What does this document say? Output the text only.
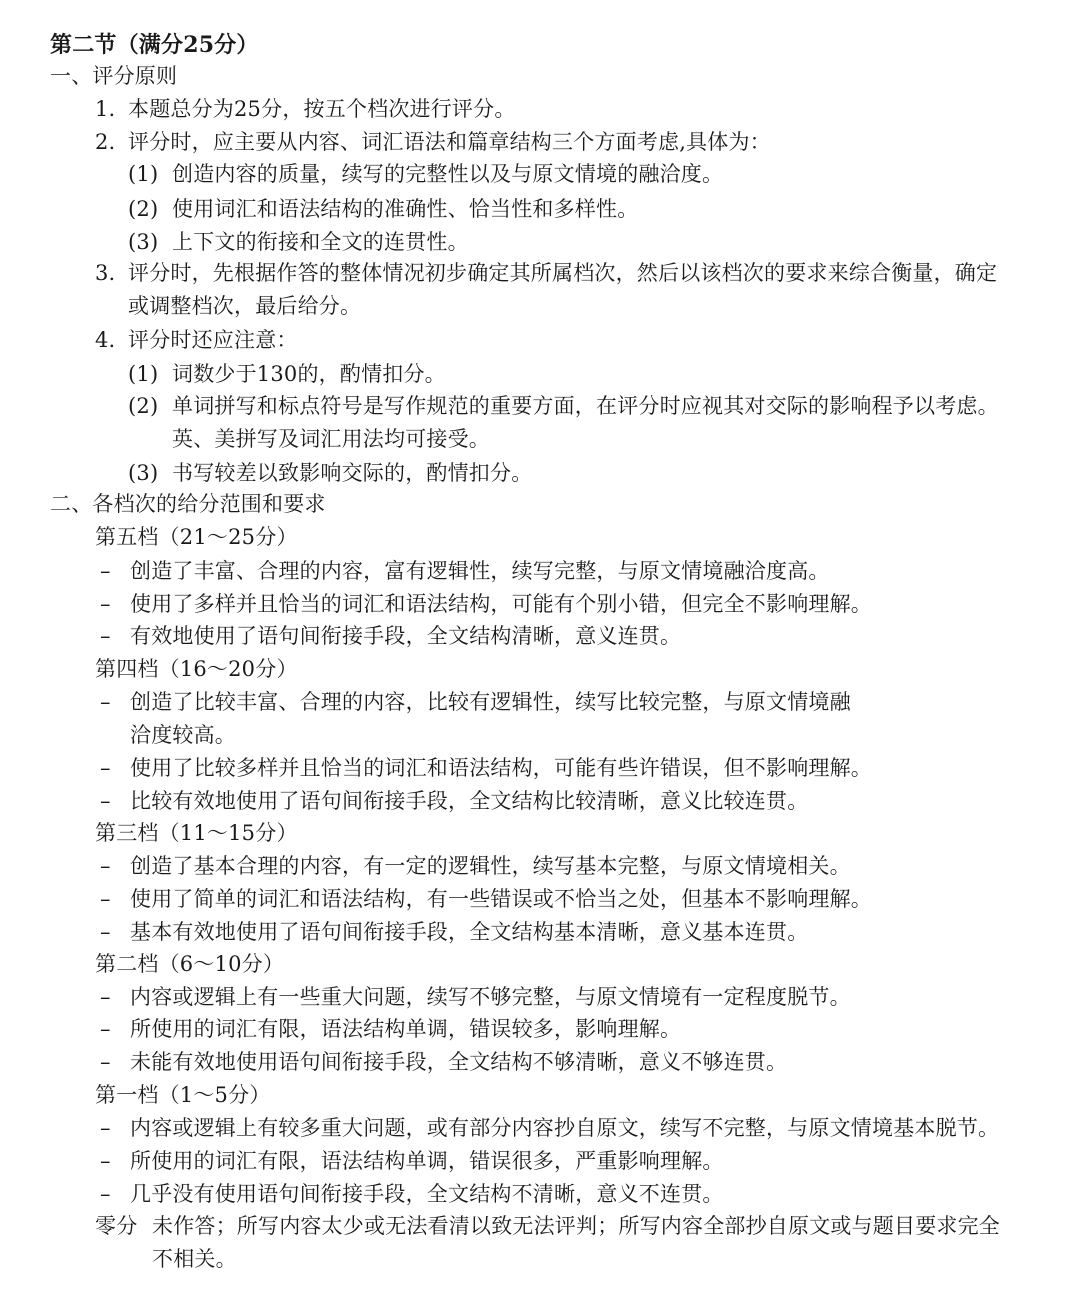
第二节（满分25分）
一、评分原则
1. 本题总分为25分，按五个档次进行评分。
2. 评分时，应主要从内容、词汇语法和篇章结构三个方面考虑,具体为：
(1) 创造内容的质量，续写的完整性以及与原文情境的融洽度。
(2) 使用词汇和语法结构的准确性、恰当性和多样性。
(3) 上下文的衔接和全文的连贯性。
3. 评分时，先根据作答的整体情况初步确定其所属档次，然后以该档次的要求来综合衡量，确定
或调整档次，最后给分。
4. 评分时还应注意：
(1) 词数少于130的，酌情扣分。
(2) 单词拼写和标点符号是写作规范的重要方面，在评分时应视其对交际的影响程予以考虑。
英、美拼写及词汇用法均可接受。
(3) 书写较差以致影响交际的，酌情扣分。
二、各档次的给分范围和要求
第五档（21～25分）
– 创造了丰富、合理的内容，富有逻辑性，续写完整，与原文情境融洽度高。
– 使用了多样并且恰当的词汇和语法结构，可能有个别小错，但完全不影响理解。
– 有效地使用了语句间衔接手段，全文结构清晰，意义连贯。
第四档（16～20分）
– 创造了比较丰富、合理的内容，比较有逻辑性，续写比较完整，与原文情境融
洽度较高。
– 使用了比较多样并且恰当的词汇和语法结构，可能有些许错误，但不影响理解。
– 比较有效地使用了语句间衔接手段，全文结构比较清晰，意义比较连贯。
第三档（11～15分）
– 创造了基本合理的内容，有一定的逻辑性，续写基本完整，与原文情境相关。
– 使用了简单的词汇和语法结构，有一些错误或不恰当之处，但基本不影响理解。
– 基本有效地使用了语句间衔接手段，全文结构基本清晰，意义基本连贯。
第二档（6～10分）
– 内容或逻辑上有一些重大问题，续写不够完整，与原文情境有一定程度脱节。
– 所使用的词汇有限，语法结构单调，错误较多，影响理解。
– 未能有效地使用语句间衔接手段，全文结构不够清晰，意义不够连贯。
第一档（1～5分）
– 内容或逻辑上有较多重大问题，或有部分内容抄自原文，续写不完整，与原文情境基本脱节。
– 所使用的词汇有限，语法结构单调，错误很多，严重影响理解。
– 几乎没有使用语句间衔接手段，全文结构不清晰，意义不连贯。
零分 未作答；所写内容太少或无法看清以致无法评判；所写内容全部抄自原文或与题目要求完全
不相关。
